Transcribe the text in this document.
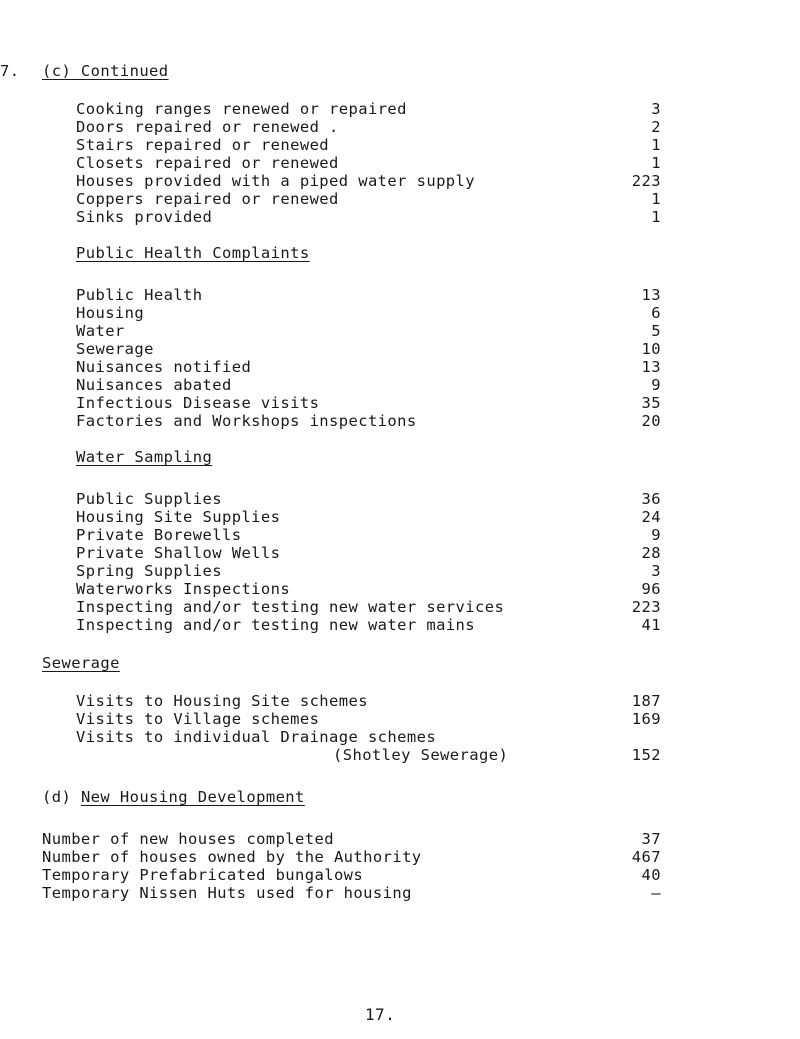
7. (c) Continued
Cooking ranges renewed or repaired	3
Doors repaired or renewed .	2
Stairs repaired or renewed	1
Closets repaired or renewed	1
Houses provided with a piped water supply	223
Coppers repaired or renewed	1
Sinks provided	1
Public Health Complaints
Public Health	13
Housing	6
Water	5
Sewerage	10
Nuisances notified	13
Nuisances abated	9
Infectious Disease visits	35
Factories and Workshops inspections	20
Water Sampling
Public Supplies	36
Housing Site Supplies	24
Private Borewells	9
Private Shallow Wells	28
Spring Supplies	3
Waterworks Inspections	96
Inspecting and/or testing new water services	223
Inspecting and/or testing new water mains	41
Sewerage
Visits to Housing Site schemes	187
Visits to Village schemes	169
Visits to individual Drainage schemes
(Shotley Sewerage)	152
(d) New Housing Development
Number of new houses completed	37
Number of houses owned by the Authority	467
Temporary Prefabricated bungalows	40
Temporary Nissen Huts used for housing	–
17.
